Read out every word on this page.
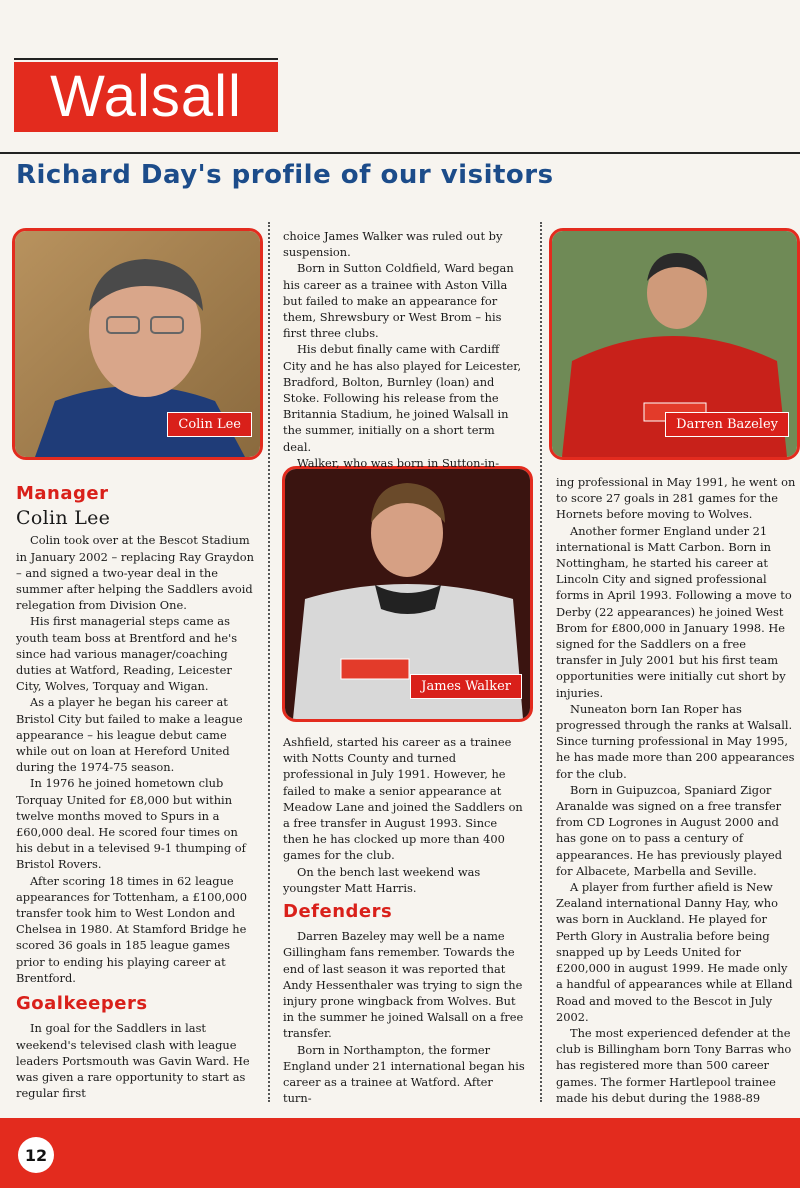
Walsall
Richard Day's profile of our visitors
Colin Lee	Darren Bazeley
James Walker
Manager
Colin Lee

Colin took over at the Bescot Stadium in January 2002 – replacing Ray Graydon – and signed a two-year deal in the summer after helping the Saddlers avoid relegation from Division One.

His first managerial steps came as youth team boss at Brentford and he's since had various manager/coaching duties at Watford, Reading, Leicester City, Wolves, Torquay and Wigan.

As a player he began his career at Bristol City but failed to make a league appearance – his league debut came while out on loan at Hereford United during the 1974-75 season.

In 1976 he joined hometown club Torquay United for £8,000 but within twelve months moved to Spurs in a £60,000 deal. He scored four times on his debut in a televised 9-1 thumping of Bristol Rovers.

After scoring 18 times in 62 league appearances for Tottenham, a £100,000 transfer took him to West London and Chelsea in 1980. At Stamford Bridge he scored 36 goals in 185 league games prior to ending his playing career at Brentford.

Goalkeepers

In goal for the Saddlers in last weekend's televised clash with league leaders Portsmouth was Gavin Ward. He was given a rare opportunity to start as regular first

choice James Walker was ruled out by suspension.

Born in Sutton Coldfield, Ward began his career as a trainee with Aston Villa but failed to make an appearance for them, Shrewsbury or West Brom – his first three clubs.

His debut finally came with Cardiff City and he has also played for Leicester, Bradford, Bolton, Burnley (loan) and Stoke. Following his release from the Britannia Stadium, he joined Walsall in the summer, initially on a short term deal.

Walker, who was born in Sutton-in-

Ashfield, started his career as a trainee with Notts County and turned professional in July 1991. However, he failed to make a senior appearance at Meadow Lane and joined the Saddlers on a free transfer in August 1993. Since then he has clocked up more than 400 games for the club.

On the bench last weekend was youngster Matt Harris.

Defenders

Darren Bazeley may well be a name Gillingham fans remember. Towards the end of last season it was reported that Andy Hessenthaler was trying to sign the injury prone wingback from Wolves. But in the summer he joined Walsall on a free transfer.

Born in Northampton, the former England under 21 international began his career as a trainee at Watford. After turn-

ing professional in May 1991, he went on to score 27 goals in 281 games for the Hornets before moving to Wolves.

Another former England under 21 international is Matt Carbon. Born in Nottingham, he started his career at Lincoln City and signed professional forms in April 1993. Following a move to Derby (22 appearances) he joined West Brom for £800,000 in January 1998. He signed for the Saddlers on a free transfer in July 2001 but his first team opportunities were initially cut short by injuries.

Nuneaton born Ian Roper has progressed through the ranks at Walsall. Since turning professional in May 1995, he has made more than 200 appearances for the club.

Born in Guipuzcoa, Spaniard Zigor Aranalde was signed on a free transfer from CD Logrones in August 2000 and has gone on to pass a century of appearances. He has previously played for Albacete, Marbella and Seville.

A player from further afield is New Zealand international Danny Hay, who was born in Auckland. He played for Perth Glory in Australia before being snapped up by Leeds United for £200,000 in august 1999. He made only a handful of appearances while at Elland Road and moved to the Bescot in July 2002.

The most experienced defender at the club is Billingham born Tony Barras who has registered more than 500 career games. The former Hartlepool trainee made his debut during the 1988-89

12
